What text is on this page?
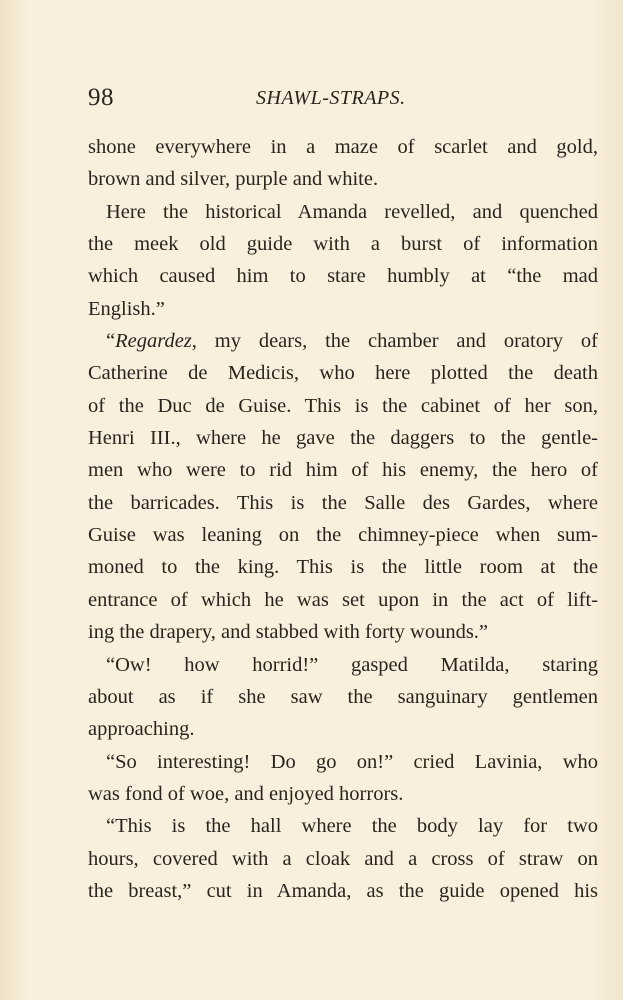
98	SHAWL-STRAPS.
shone everywhere in a maze of scarlet and gold,
brown and silver, purple and white.
Here the historical Amanda revelled, and quenched
the meek old guide with a burst of information
which caused him to stare humbly at “the mad
English.”
“Regardez, my dears, the chamber and oratory of
Catherine de Medicis, who here plotted the death
of the Duc de Guise. This is the cabinet of her son,
Henri III., where he gave the daggers to the gentle-
men who were to rid him of his enemy, the hero of
the barricades. This is the Salle des Gardes, where
Guise was leaning on the chimney-piece when sum-
moned to the king. This is the little room at the
entrance of which he was set upon in the act of lift-
ing the drapery, and stabbed with forty wounds.”
“Ow! how horrid!” gasped Matilda, staring
about as if she saw the sanguinary gentlemen
approaching.
“So interesting! Do go on!” cried Lavinia, who
was fond of woe, and enjoyed horrors.
“This is the hall where the body lay for two
hours, covered with a cloak and a cross of straw on
the breast,” cut in Amanda, as the guide opened his
